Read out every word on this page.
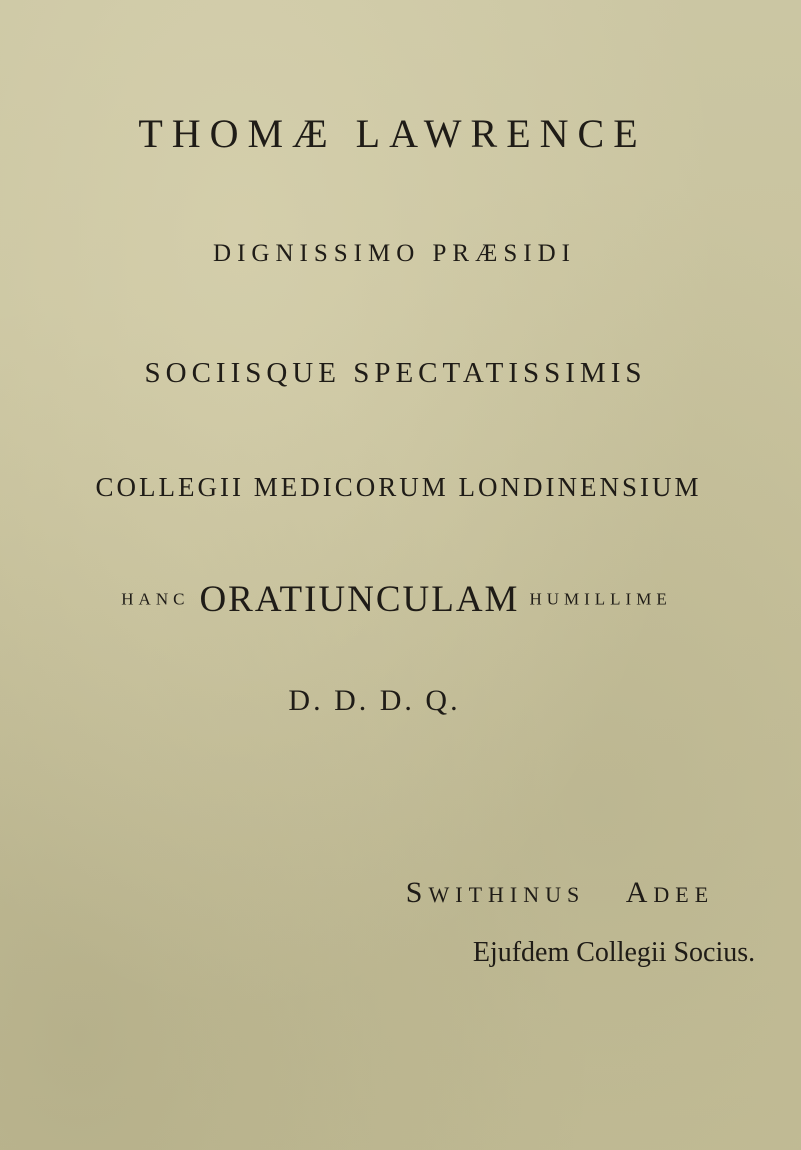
THOMÆ LAWRENCE
DIGNISSIMO PRÆSIDI
SOCIISQUE SPECTATISSIMIS
COLLEGII MEDICORUM LONDINENSIUM
HANC ORATIUNCULAM HUMILLIME
D. D. D. Q.
SWITHINUS ADEE
Ejufdem Collegii Socius.
